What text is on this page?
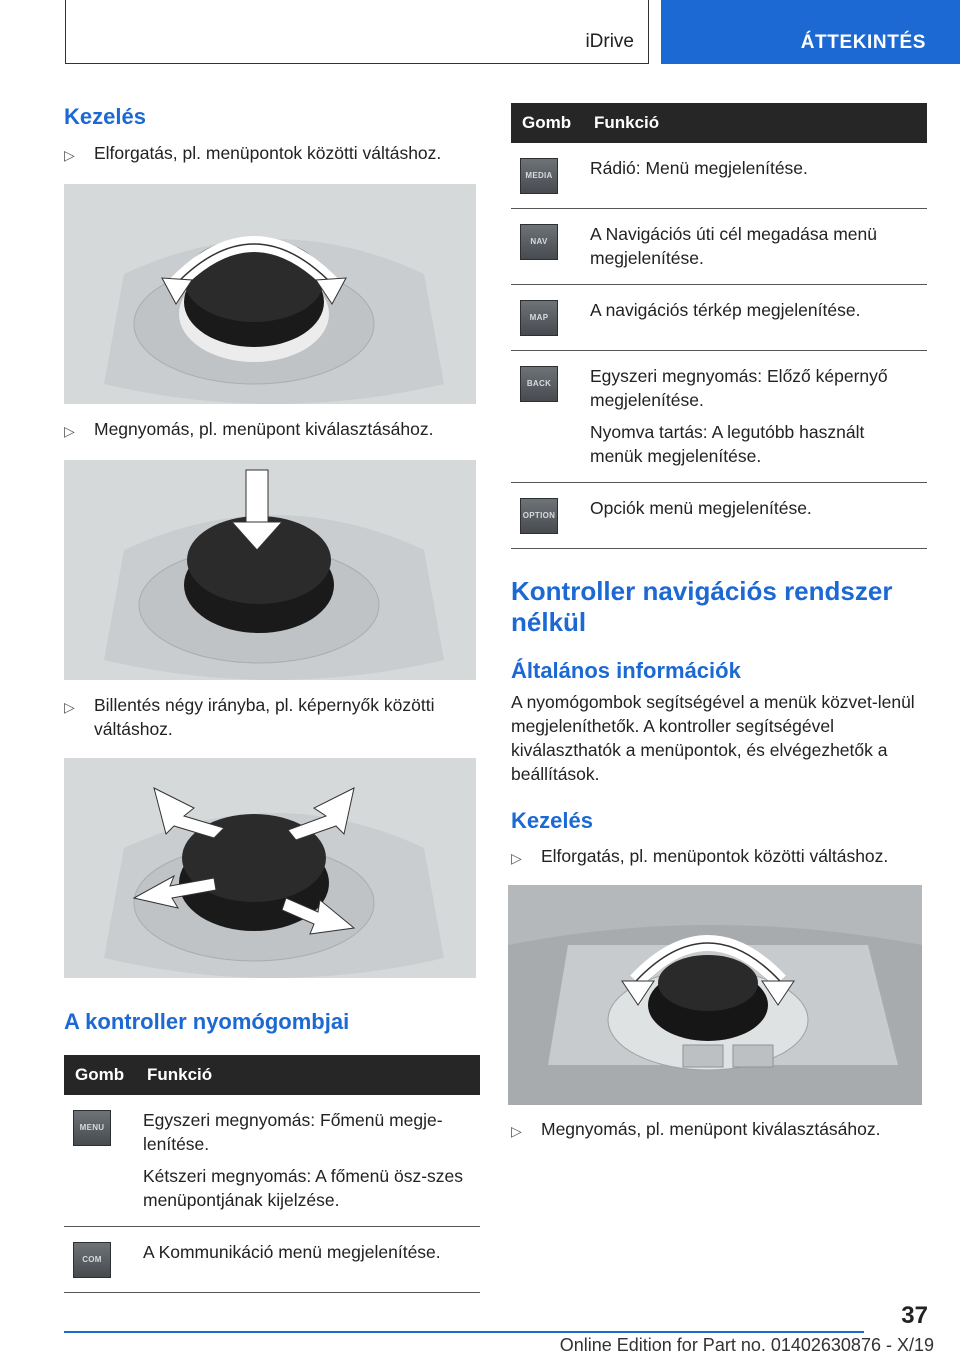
iDrive	ÁTTEKINTÉS
Kezelés
▷	Elforgatás, pl. menüpontok közötti váltáshoz.
▷	Megnyomás, pl. menüpont kiválasztásához.
▷	Billentés négy irányba, pl. képernyők közötti váltáshoz.
A kontroller nyomógombjai
Gomb	Funkció

MENU	Egyszeri megnyomás: Főmenü megje-lenítése.

Kétszeri megnyomás: A főmenü ösz-szes menüpontjának kijelzése.

COM	A Kommunikáció menü megjelenítése.

Gomb	Funkció

MEDIA	Rádió: Menü megjelenítése.

NAV	A Navigációs úti cél megadása menü megjelenítése.

MAP	A navigációs térkép megjelenítése.

BACK	Egyszeri megnyomás: Előző képernyő megjelenítése.

Nyomva tartás: A legutóbb használt menük megjelenítése.

OPTION	Opciók menü megjelenítése.

Kontroller navigációs rendszer nélkül
Általános információk

A nyomógombok segítségével a menük közvet-lenül megjeleníthetők. A kontroller segítségével kiválaszthatók a menüpontok, és elvégezhetők a beállítások.

Kezelés
▷	Elforgatás, pl. menüpontok közötti váltáshoz.
▷	Megnyomás, pl. menüpont kiválasztásához.
37
Online Edition for Part no. 01402630876 - X/19
